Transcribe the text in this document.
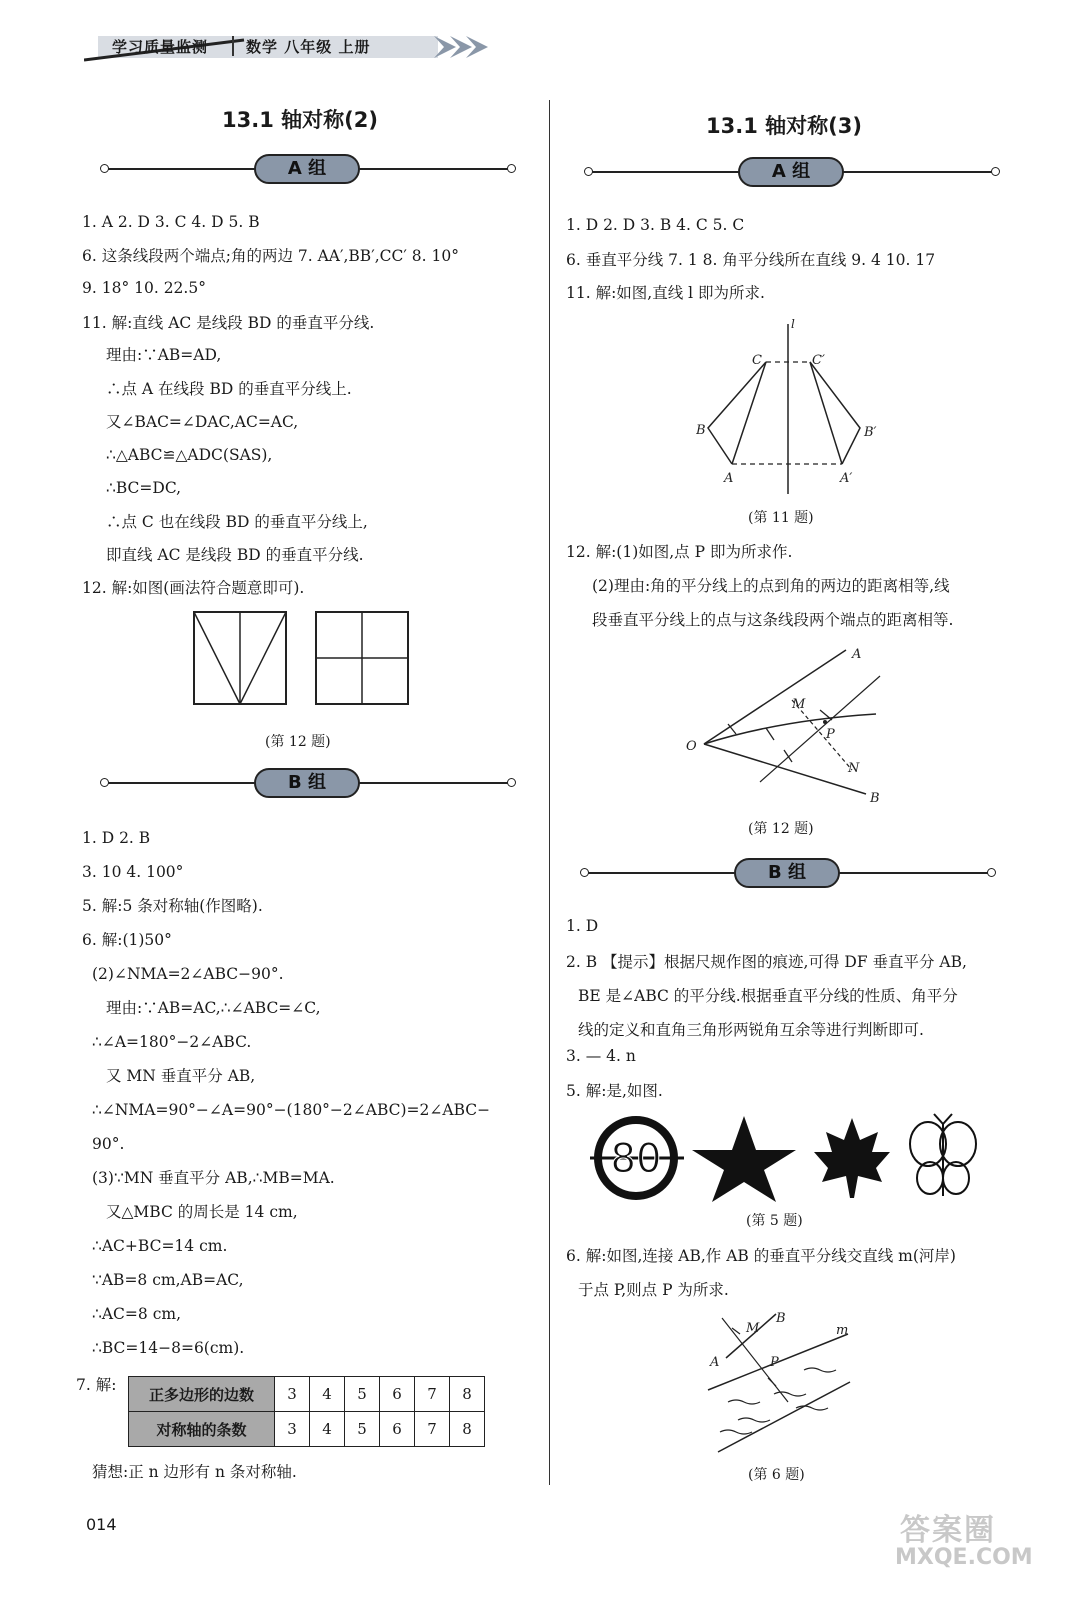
学习质量监测	数学 八年级 上册
13.1 轴对称(2)
A 组
1. A 2. D 3. C 4. D 5. B
6. 这条线段两个端点;角的两边 7. AA′,BB′,CC′ 8. 10°
9. 18° 10. 22.5°
11. 解:直线 AC 是线段 BD 的垂直平分线.
理由:∵AB=AD,
∴点 A 在线段 BD 的垂直平分线上.
又∠BAC=∠DAC,AC=AC,
∴△ABC≌△ADC(SAS),
∴BC=DC,
∴点 C 也在线段 BD 的垂直平分线上,
即直线 AC 是线段 BD 的垂直平分线.
12. 解:如图(画法符合题意即可).
(第 12 题)
B 组
1. D 2. B
3. 10 4. 100°
5. 解:5 条对称轴(作图略).
6. 解:(1)50°
(2)∠NMA=2∠ABC−90°.
理由:∵AB=AC,∴∠ABC=∠C,
∴∠A=180°−2∠ABC.
又 MN 垂直平分 AB,
∴∠NMA=90°−∠A=90°−(180°−2∠ABC)=2∠ABC−
90°.
(3)∵MN 垂直平分 AB,∴MB=MA.
又△MBC 的周长是 14 cm,
∴AC+BC=14 cm.
∵AB=8 cm,AB=AC,
∴AC=8 cm,
∴BC=14−8=6(cm).
7. 解:
正多边形的边数	3	4	5	6	7	8
对称轴的条数	3	4	5	6	7	8
猜想:正 n 边形有 n 条对称轴.
13.1 轴对称(3)
A 组
1. D 2. D 3. B 4. C 5. C
6. 垂直平分线 7. 1 8. 角平分线所在直线 9. 4 10. 17
11. 解:如图,直线 l 即为所求.
l
C	C′
B	B′
A	A′
(第 11 题)
12. 解:(1)如图,点 P 即为所求作.
(2)理由:角的平分线上的点到角的两边的距离相等,线
段垂直平分线上的点与这条线段两个端点的距离相等.
A
B
O
M
N
P
(第 12 题)
B 组
1. D
2. B 【提示】根据尺规作图的痕迹,可得 DF 垂直平分 AB,
BE 是∠ABC 的平分线.根据垂直平分线的性质、角平分
线的定义和直角三角形两锐角互余等进行判断即可.
3. — 4. n
5. 解:是,如图.
80
(第 5 题)
6. 解:如图,连接 AB,作 AB 的垂直平分线交直线 m(河岸)
于点 P,则点 P 为所求.
M
B
A	P
m
(第 6 题)
014	答案圈
MXQE.COM
